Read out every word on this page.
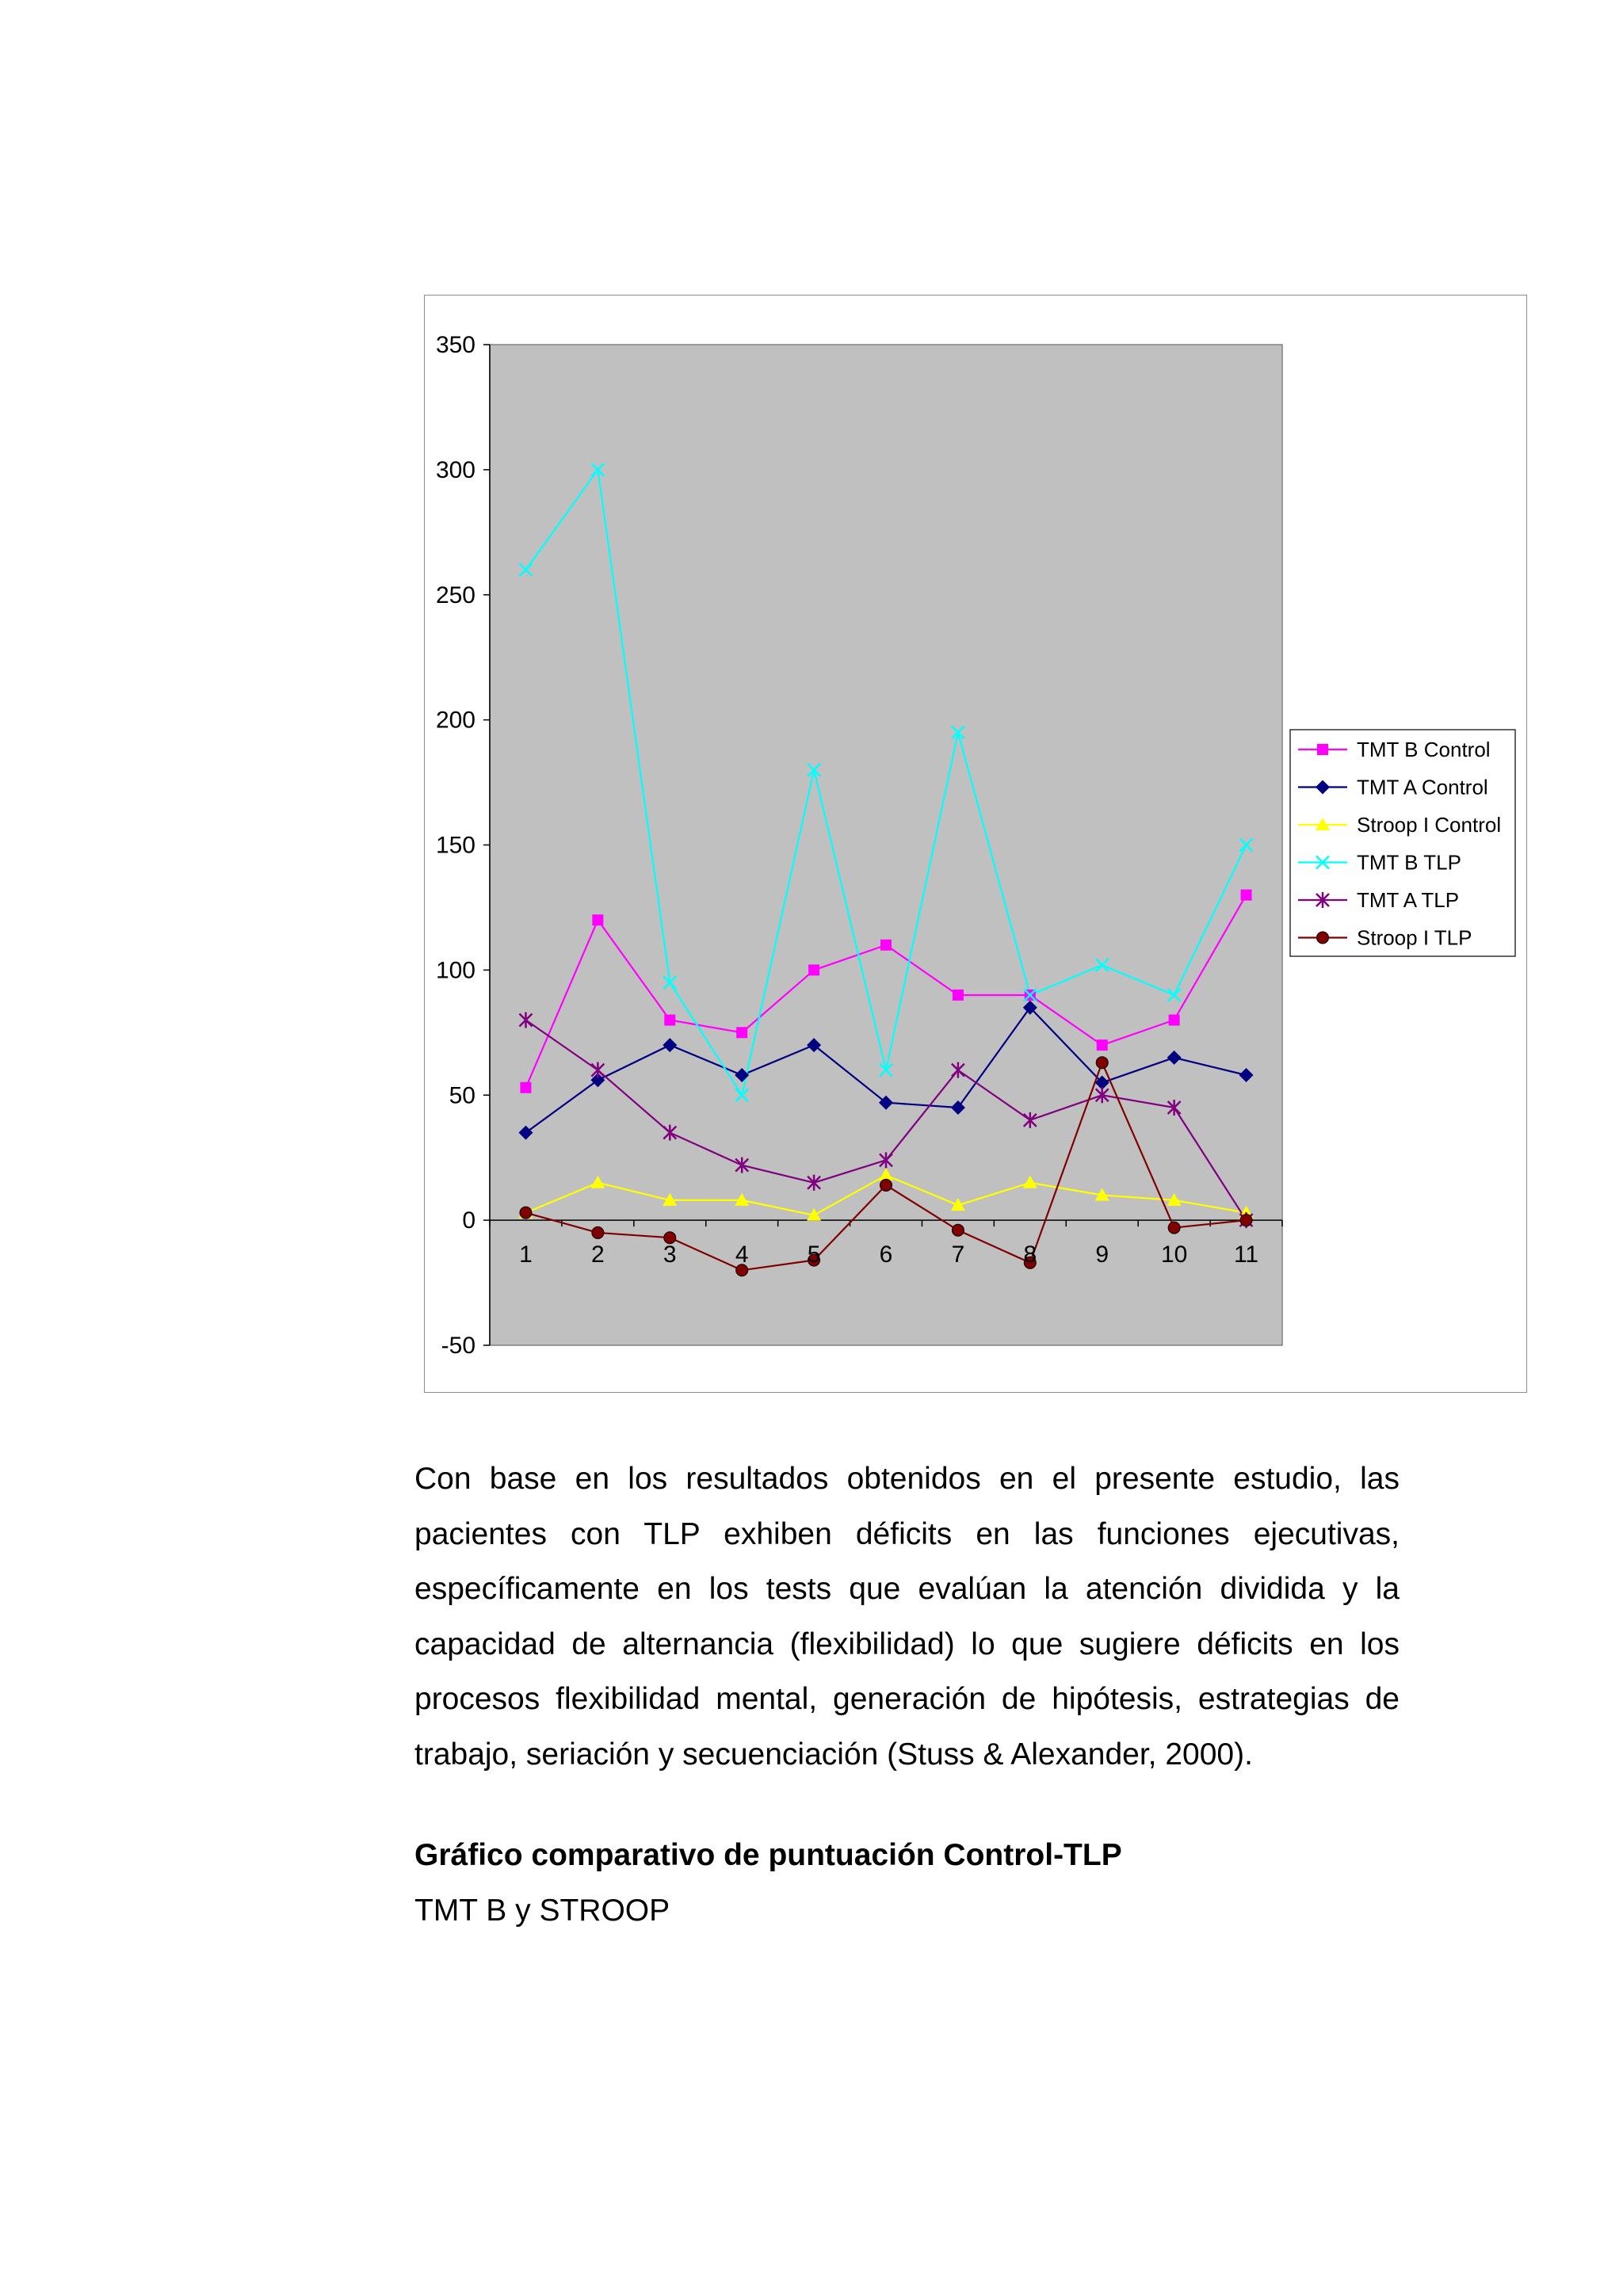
350
300
250
200
150
100
50
0
-50
1 2 3 4 5 6 7 8 9 10 11
TMT B Control
TMT A Control
Stroop I Control
TMT B TLP
TMT A TLP
Stroop I TLP

Con base en los resultados obtenidos en el presente estudio, las pacientes con TLP exhiben déficits en las funciones ejecutivas, específicamente en los tests que evalúan la atención dividida y la capacidad de alternancia (flexibilidad) lo que sugiere déficits en los procesos flexibilidad mental, generación de hipótesis, estrategias de trabajo, seriación y secuenciación (Stuss & Alexander, 2000).

Gráfico comparativo de puntuación Control-TLP

TMT B y STROOP
